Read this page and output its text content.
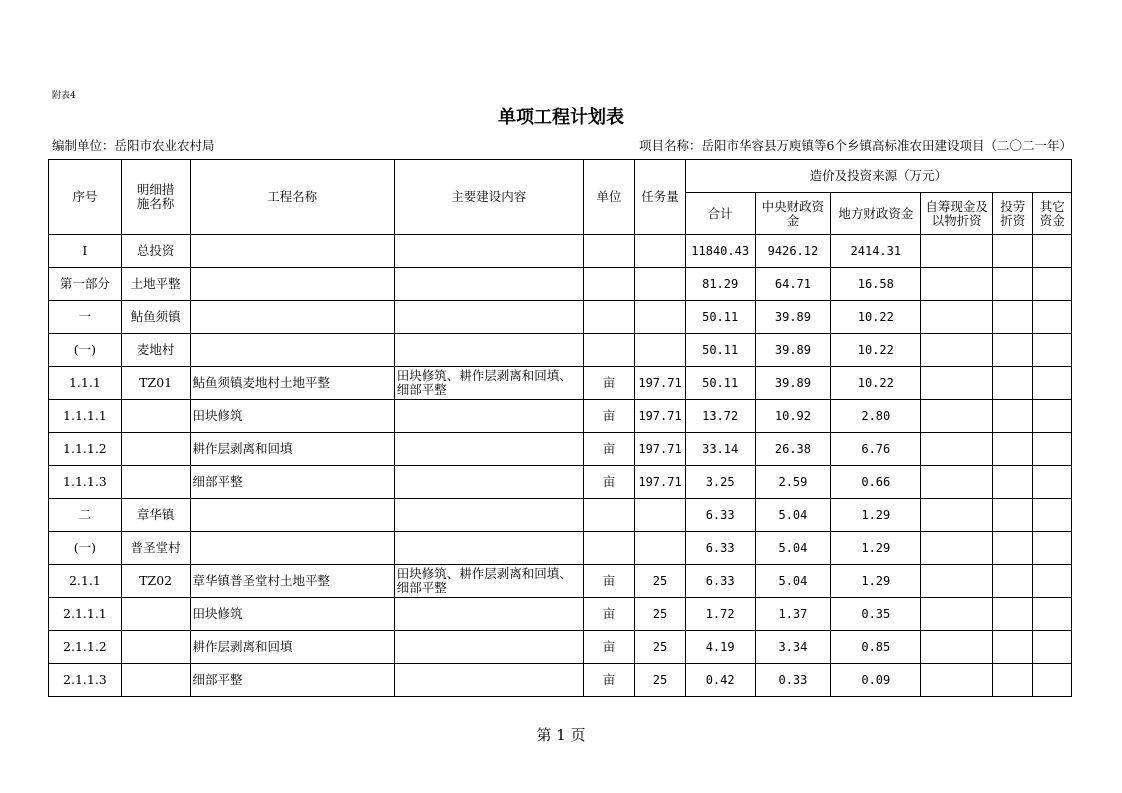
附表4
单项工程计划表
编制单位：岳阳市农业农村局	项目名称：岳阳市华容县万庾镇等6个乡镇高标准农田建设项目（二〇二一年）
序号	明细措施名称	工程名称	主要建设内容	单位	任务量	造价及投资来源（万元）					
						合计	中央财政资金	地方财政资金	自筹现金及以物折资	投劳折资	其它资金
I	总投资					11840.43	9426.12	2414.31			
第一部分	土地平整					81.29	64.71	16.58			
一	鲇鱼须镇					50.11	39.89	10.22			
(一)	麦地村					50.11	39.89	10.22			
1.1.1	TZ01	鲇鱼须镇麦地村土地平整	田块修筑、耕作层剥离和回填、细部平整	亩	197.71	50.11	39.89	10.22			
1.1.1.1		田块修筑		亩	197.71	13.72	10.92	2.80			
1.1.1.2		耕作层剥离和回填		亩	197.71	33.14	26.38	6.76			
1.1.1.3		细部平整		亩	197.71	3.25	2.59	0.66			
二	章华镇					6.33	5.04	1.29			
(一)	普圣堂村					6.33	5.04	1.29			
2.1.1	TZ02	章华镇普圣堂村土地平整	田块修筑、耕作层剥离和回填、细部平整	亩	25	6.33	5.04	1.29			
2.1.1.1		田块修筑		亩	25	1.72	1.37	0.35			
2.1.1.2		耕作层剥离和回填		亩	25	4.19	3.34	0.85			
2.1.1.3		细部平整		亩	25	0.42	0.33	0.09			
第 1 页
